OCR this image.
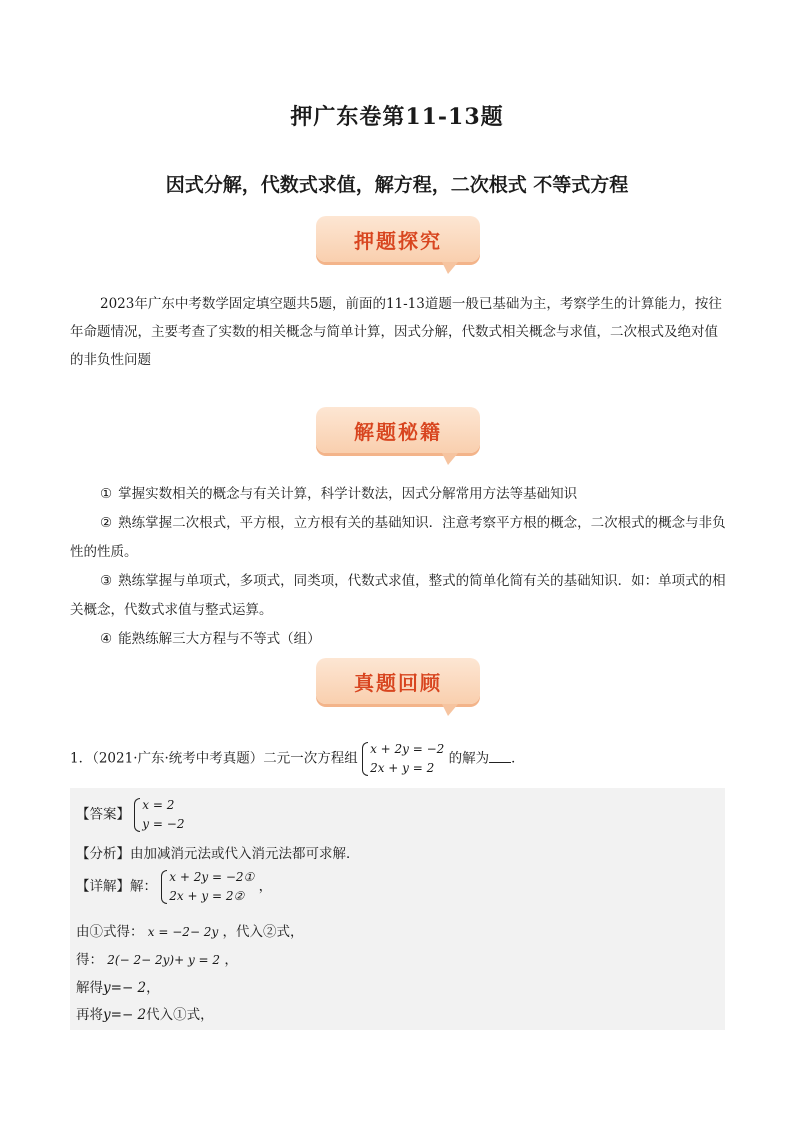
押广东卷第11-13题
因式分解，代数式求值，解方程，二次根式 不等式方程
押题探究
2023年广东中考数学固定填空题共5题，前面的11-13道题一般已基础为主，考察学生的计算能力，按往年命题情况，主要考查了实数的相关概念与简单计算，因式分解，代数式相关概念与求值，二次根式及绝对值的非负性问题
解题秘籍
① 掌握实数相关的概念与有关计算，科学计数法，因式分解常用方法等基础知识
② 熟练掌握二次根式，平方根，立方根有关的基础知识．注意考察平方根的概念，二次根式的概念与非负性的性质。
③ 熟练掌握与单项式，多项式，同类项，代数式求值，整式的简单化简有关的基础知识．如：单项式的相关概念，代数式求值与整式运算。
④ 能熟练解三大方程与不等式（组）
真题回顾
1．（2021·广东·统考中考真题）二元一次方程组
x + 2y = −2
2x + y = 2
的解为 ．
【答案】
x = 2
y = −2
【分析】由加减消元法或代入消元法都可求解．
【详解】解：
x + 2y = −2①
2x + y = 2②
，
由①式得： x = −2− 2y ，代入②式，
得： 2(− 2− 2y)+ y = 2 ，
解得y=− 2，
再将y=− 2代入①式，
